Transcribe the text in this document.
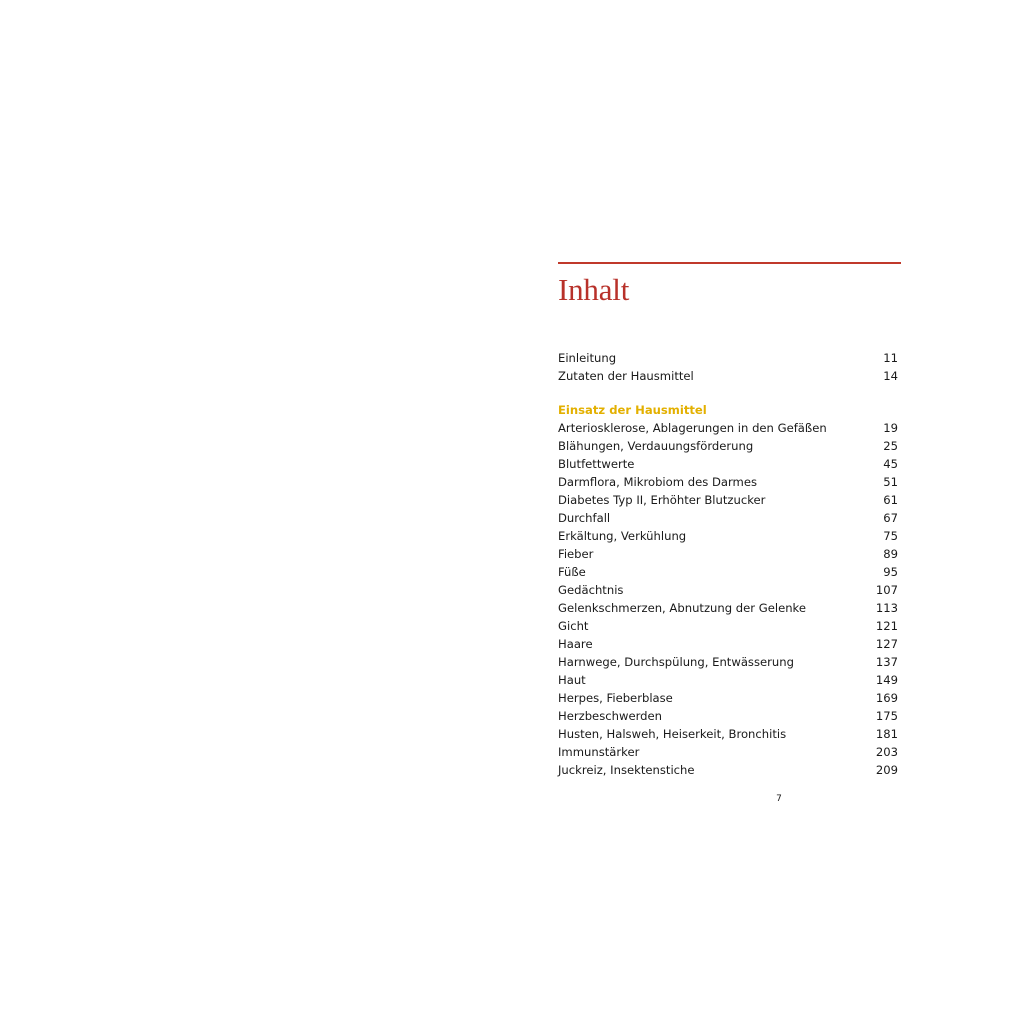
Inhalt
Einleitung	11
Zutaten der Hausmittel	14
Einsatz der Hausmittel
Arteriosklerose, Ablagerungen in den Gefäßen	19
Blähungen, Verdauungsförderung	25
Blutfettwerte	45
Darmflora, Mikrobiom des Darmes	51
Diabetes Typ II, Erhöhter Blutzucker	61
Durchfall	67
Erkältung, Verkühlung	75
Fieber	89
Füße	95
Gedächtnis	107
Gelenkschmerzen, Abnutzung der Gelenke	113
Gicht	121
Haare	127
Harnwege, Durchspülung, Entwässerung	137
Haut	149
Herpes, Fieberblase	169
Herzbeschwerden	175
Husten, Halsweh, Heiserkeit, Bronchitis	181
Immunstärker	203
Juckreiz, Insektenstiche	209
7
